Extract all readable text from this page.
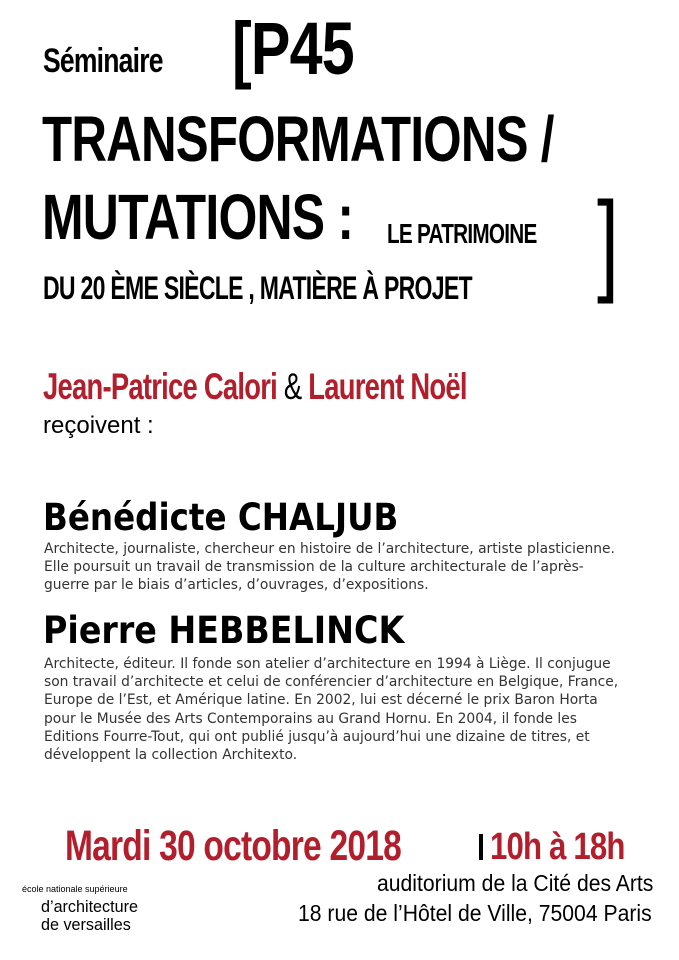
Séminaire [P45
TRANSFORMATIONS /
MUTATIONS :	LE PATRIMOINE
DU 20 ÈME SIÈCLE , MATIÈRE À PROJET	]
Jean-Patrice Calori & Laurent Noël
reçoivent :
Bénédicte CHALJUB
Architecte, journaliste, chercheur en histoire de l’architecture, artiste plasticienne.
Elle poursuit un travail de transmission de la culture architecturale de l’après-
guerre par le biais d’articles, d’ouvrages, d’expositions.
Pierre HEBBELINCK
Architecte, éditeur. Il fonde son atelier d’architecture en 1994 à Liège. Il conjugue
son travail d’architecte et celui de conférencier d’architecture en Belgique, France,
Europe de l’Est, et Amérique latine. En 2002, lui est décerné le prix Baron Horta
pour le Musée des Arts Contemporains au Grand Hornu. En 2004, il fonde les
Editions Fourre-Tout, qui ont publié jusqu’à aujourd’hui une dizaine de titres, et
développent la collection Architexto.
Mardi 30 octobre 2018	10h à 18h
auditorium de la Cité des Arts
18 rue de l’Hôtel de Ville, 75004 Paris
école nationale supérieure
d’architecture
de versailles
